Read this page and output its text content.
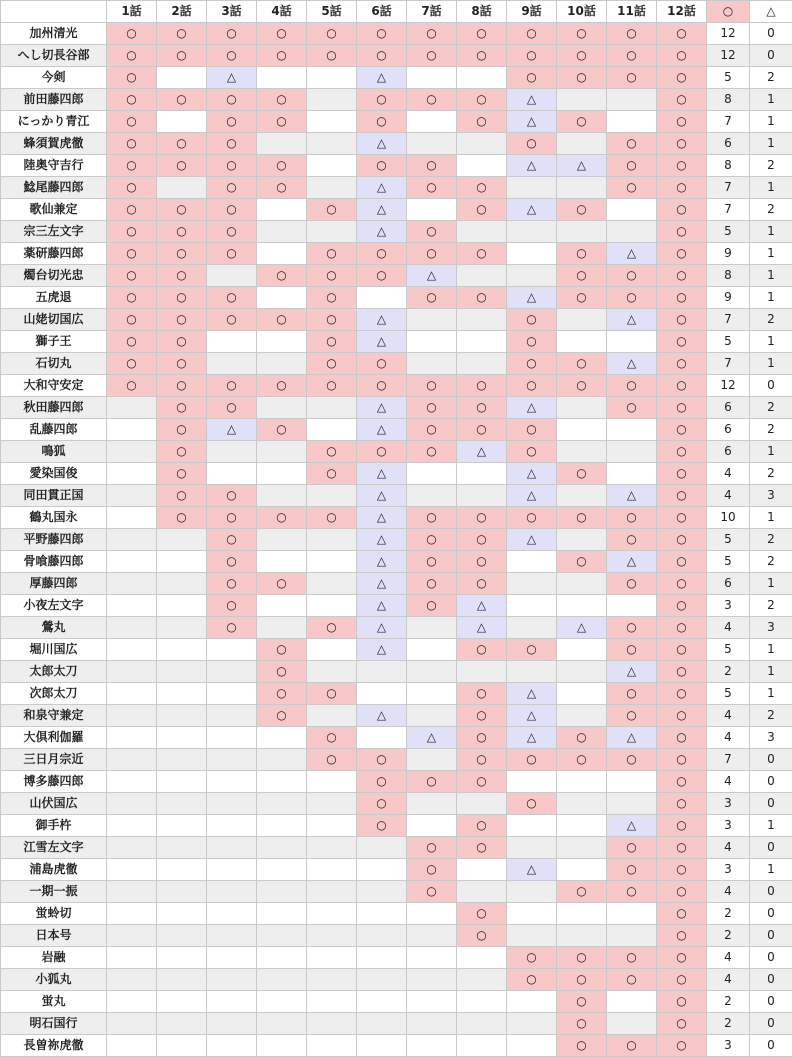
	1話	2話	3話	4話	5話	6話	7話	8話	9話	10話	11話	12話	○	△
加州清光	○	○	○	○	○	○	○	○	○	○	○	○	12	0
へし切長谷部	○	○	○	○	○	○	○	○	○	○	○	○	12	0
今剣	○		△			△			○	○	○	○	5	2
前田藤四郎	○	○	○	○		○	○	○	△			○	8	1
にっかり青江	○		○	○		○		○	△	○		○	7	1
蜂須賀虎徹	○	○	○			△			○		○	○	6	1
陸奥守吉行	○	○	○	○		○	○		△	△	○	○	8	2
鯰尾藤四郎	○		○	○		△	○	○			○	○	7	1
歌仙兼定	○	○	○		○	△		○	△	○		○	7	2
宗三左文字	○	○	○			△	○					○	5	1
薬研藤四郎	○	○	○		○	○	○	○		○	△	○	9	1
燭台切光忠	○	○		○	○	○	△			○	○	○	8	1
五虎退	○	○	○		○		○	○	△	○	○	○	9	1
山姥切国広	○	○	○	○	○	△			○		△	○	7	2
獅子王	○	○			○	△			○			○	5	1
石切丸	○	○			○	○			○	○	△	○	7	1
大和守安定	○	○	○	○	○	○	○	○	○	○	○	○	12	0
秋田藤四郎		○	○			△	○	○	△		○	○	6	2
乱藤四郎		○	△	○		△	○	○	○			○	6	2
鳴狐		○			○	○	○	△	○			○	6	1
愛染国俊		○			○	△			△	○		○	4	2
同田貫正国		○	○			△			△		△	○	4	3
鶴丸国永		○	○	○	○	△	○	○	○	○	○	○	10	1
平野藤四郎			○			△	○	○	△		○	○	5	2
骨喰藤四郎			○			△	○	○		○	△	○	5	2
厚藤四郎			○	○		△	○	○			○	○	6	1
小夜左文字			○			△	○	△				○	3	2
鶯丸			○		○	△		△		△	○	○	4	3
堀川国広				○		△		○	○		○	○	5	1
太郎太刀				○							△	○	2	1
次郎太刀				○	○			○	△		○	○	5	1
和泉守兼定				○		△		○	△		○	○	4	2
大倶利伽羅					○		△	○	△	○	△	○	4	3
三日月宗近					○	○		○	○	○	○	○	7	0
博多藤四郎						○	○	○				○	4	0
山伏国広						○			○			○	3	0
御手杵						○		○			△	○	3	1
江雪左文字							○	○			○	○	4	0
浦島虎徹							○		△		○	○	3	1
一期一振							○			○	○	○	4	0
蛍蛉切								○				○	2	0
日本号								○				○	2	0
岩融									○	○	○	○	4	0
小狐丸									○	○	○	○	4	0
蛍丸										○		○	2	0
明石国行										○		○	2	0
長曽祢虎徹										○	○	○	3	0
